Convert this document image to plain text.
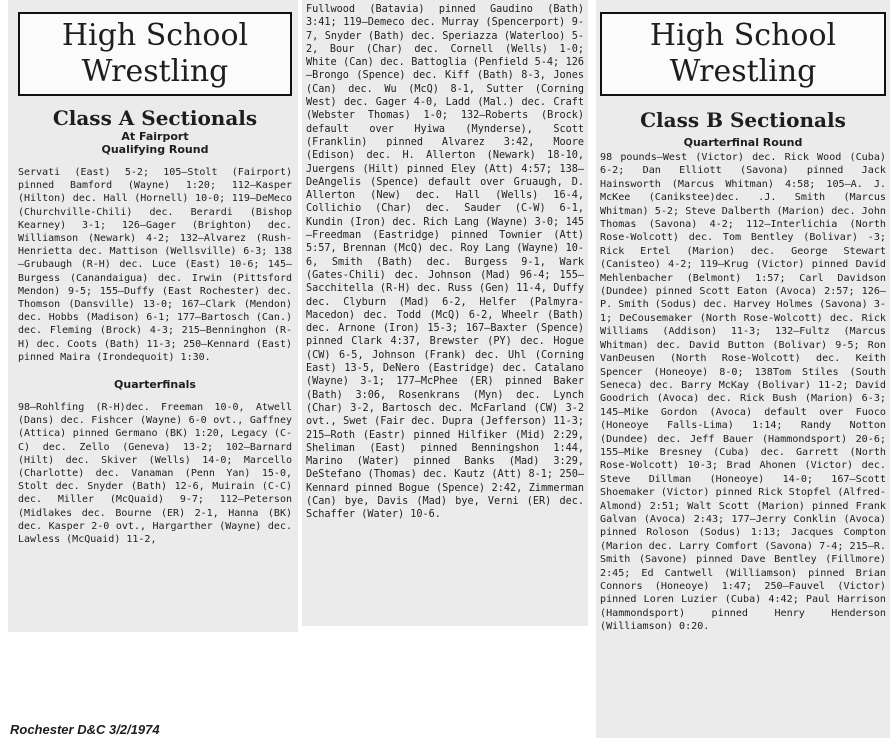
High School
Wrestling
Class A Sectionals
At Fairport
Qualifying Round

Servati (East) 5-2; 105—Stolt (Fairport) pinned Bamford (Wayne) 1:20; 112—Kasper (Hilton) dec. Hall (Hornell) 10-0; 119—DeMeco (Churchville-Chili) dec. Berardi (Bishop Kearney) 3-1; 126—Gager (Brighton) dec. Williamson (Newark) 4-2; 132—Alvarez (Rush-Henrietta dec. Mattison (Wellsville) 6-3; 138—Grubaugh (R-H) dec. Luce (East) 10-6; 145—Burgess (Canandaigua) dec. Irwin (Pittsford Mendon) 9-5; 155—Duffy (East Rochester) dec. Thomson (Dansville) 13-0; 167—Clark (Mendon) dec. Hobbs (Madison) 6-1; 177—Bartosch (Can.) dec. Fleming (Brock) 4-3; 215—Benninghon (R-H) dec. Coots (Bath) 11-3; 250—Kennard (East) pinned Maira (Irondequoit) 1:30.

Quarterfinals

98—Rohlfing (R-H)dec. Freeman 10-0, Atwell (Dans) dec. Fishcer (Wayne) 6-0 ovt., Gaffney (Attica) pinned Germano (BK) 1:20, Legacy (C-C) dec. Zello (Geneva) 13-2; 102—Barnard (Hilt) dec. Skiver (Wells) 14-0; Marcello (Charlotte) dec. Vanaman (Penn Yan) 15-0, Stolt dec. Snyder (Bath) 12-6, Muirain (C-C) dec. Miller (McQuaid) 9-7; 112—Peterson (Midlakes dec. Bourne (ER) 2-1, Hanna (BK) dec. Kasper 2-0 ovt., Hargarther (Wayne) dec. Lawless (McQuaid) 11-2,

Fullwood (Batavia) pinned Gaudino (Bath) 3:41; 119—Demeco dec. Murray (Spencerport) 9-7, Snyder (Bath) dec. Speriazza (Waterloo) 5-2, Bour (Char) dec. Cornell (Wells) 1-0; White (Can) dec. Battoglia (Penfield 5-4; 126—Brongo (Spence) dec. Kiff (Bath) 8-3, Jones (Can) dec. Wu (McQ) 8-1, Sutter (Corning West) dec. Gager 4-0, Ladd (Mal.) dec. Craft (Webster Thomas) 1-0; 132—Roberts (Brock) default over Hyiwa (Mynderse), Scott (Franklin) pinned Alvarez 3:42, Moore (Edison) dec. H. Allerton (Newark) 18-10, Juergens (Hilt) pinned Eley (Att) 4:57; 138—DeAngelis (Spence) default over Gruaugh, D. Allerton (New) dec. Hall (Wells) 16-4, Collichio (Char) dec. Sauder (C-W) 6-1, Kundin (Iron) dec. Rich Lang (Wayne) 3-0; 145—Freedman (Eastridge) pinned Townier (Att) 5:57, Brennan (McQ) dec. Roy Lang (Wayne) 10-6, Smith (Bath) dec. Burgess 9-1, Wark (Gates-Chili) dec. Johnson (Mad) 96-4; 155—Sacchitella (R-H) dec. Russ (Gen) 11-4, Duffy dec. Clyburn (Mad) 6-2, Helfer (Palmyra-Macedon) dec. Todd (McQ) 6-2, Wheelr (Bath) dec. Arnone (Iron) 15-3; 167—Baxter (Spence) pinned Clark 4:37, Brewster (PY) dec. Hogue (CW) 6-5, Johnson (Frank) dec. Uhl (Corning East) 13-5, DeNero (Eastridge) dec. Catalano (Wayne) 3-1; 177—McPhee (ER) pinned Baker (Bath) 3:06, Rosenkrans (Myn) dec. Lynch (Char) 3-2, Bartosch dec. McFarland (CW) 3-2 ovt., Swet (Fair dec. Dupra (Jefferson) 11-3; 215—Roth (Eastr) pinned Hilfiker (Mid) 2:29, Sheliman (East) pinned Benningshon 1:44, Marino (Water) pinned Banks (Mad) 3:29, DeStefano (Thomas) dec. Kautz (Att) 8-1; 250—Kennard pinned Bogue (Spence) 2:42, Zimmerman (Can) bye, Davis (Mad) bye, Verni (ER) dec. Schaffer (Water) 10-6.

High School
Wrestling
Class B Sectionals
Quarterfinal Round

98 pounds—West (Victor) dec. Rick Wood (Cuba) 6-2; Dan Elliott (Savona) pinned Jack Hainsworth (Marcus Whitman) 4:58; 105—A. J. McKee (Canikstee)dec. .J. Smith (Marcus Whitman) 5-2; Steve Dalberth (Marion) dec. John Thomas (Savona) 4-2; 112—Interlichia (North Rose-Wolcott) dec. Tom Bentley (Bolivar) -3; Rick Ertel (Marion) dec. George Stewart (Canisteo) 4-2; 119—Krug (Victor) pinned David Mehlenbacher (Belmont) 1:57; Carl Davidson (Dundee) pinned Scott Eaton (Avoca) 2:57; 126—P. Smith (Sodus) dec. Harvey Holmes (Savona) 3-1; DeCousemaker (North Rose-Wolcott) dec. Rick Williams (Addison) 11-3; 132—Fultz (Marcus Whitman) dec. David Button (Bolivar) 9-5; Ron VanDeusen (North Rose-Wolcott) dec. Keith Spencer (Honeoye) 8-0; 138Tom Stiles (South Seneca) dec. Barry McKay (Bolivar) 11-2; David Goodrich (Avoca) dec. Rick Bush (Marion) 6-3; 145—Mike Gordon (Avoca) default over Fuoco (Honeoye Falls-Lima) 1:14; Randy Notton (Dundee) dec. Jeff Bauer (Hammondsport) 20-6; 155—Mike Bresney (Cuba) dec. Garrett (North Rose-Wolcott) 10-3; Brad Ahonen (Victor) dec. Steve Dillman (Honeoye) 14-0; 167—Scott Shoemaker (Victor) pinned Rick Stopfel (Alfred-Almond) 2:51; Walt Scott (Marion) pinned Frank Galvan (Avoca) 2:43; 177—Jerry Conklin (Avoca) pinned Roloson (Sodus) 1:13; Jacques Compton (Marion dec. Larry Comfort (Savona) 7-4; 215—R. Smith (Savone) pinned Dave Bentley (Fillmore) 2:45; Ed Cantwell (Williamson) pinned Brian Connors (Honeoye) 1:47; 250—Fauvel (Victor) pinned Loren Luzier (Cuba) 4:42; Paul Harrison (Hammondsport) pinned Henry Henderson (Williamson) 0:20.

Rochester D&C 3/2/1974
